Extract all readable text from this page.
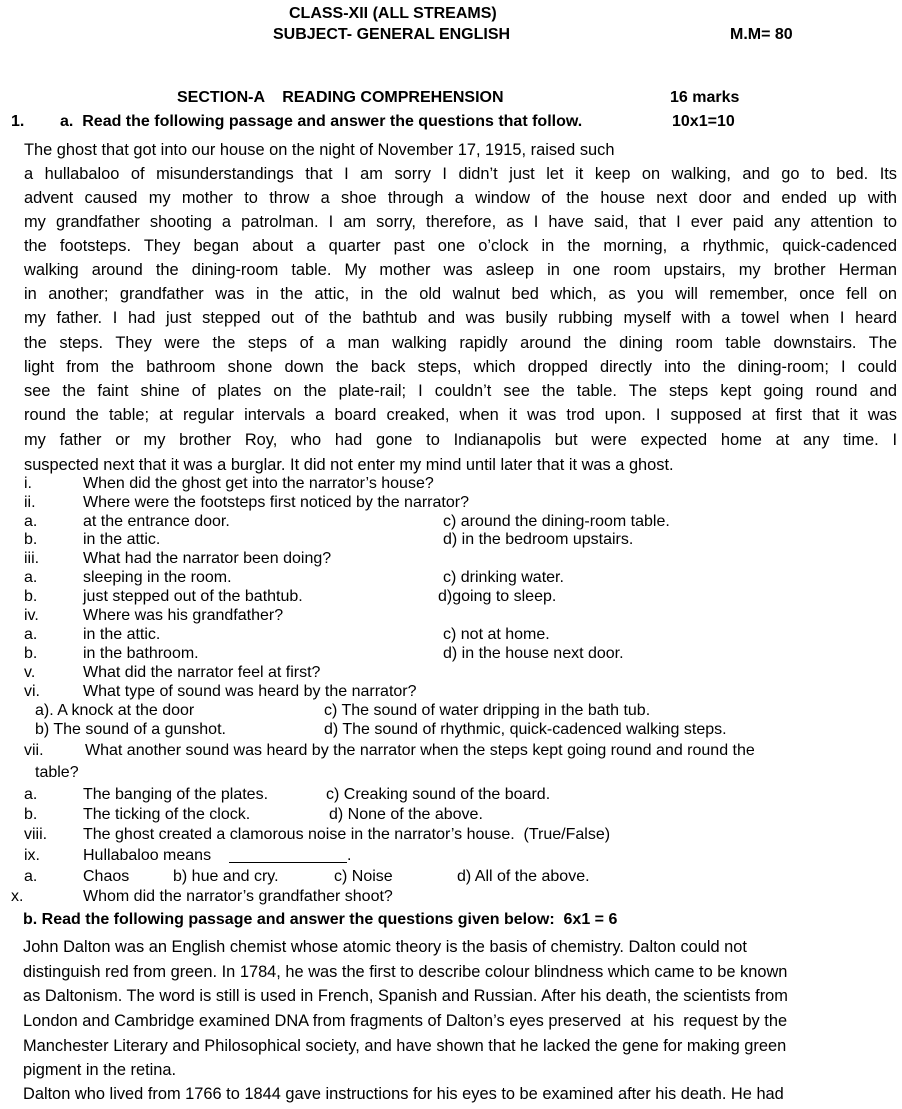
CLASS-XII (ALL STREAMS)
SUBJECT- GENERAL ENGLISH	M.M= 80
SECTION-A    READING COMPREHENSION	16 marks
1. a.  Read the following passage and answer the questions that follow.	10x1=10
The ghost that got into our house on the night of November 17, 1915, raised such
a hullabaloo of misunderstandings that I am sorry I didn’t just let it keep on walking, and go to bed. Its
advent caused my mother to throw a shoe through a window of the house next door and ended up with
my grandfather shooting a patrolman. I am sorry, therefore, as I have said, that I ever paid any attention to
the footsteps. They began about a quarter past one o’clock in the morning, a rhythmic, quick-cadenced
walking around the dining-room table. My mother was asleep in one room upstairs, my brother Herman
in another; grandfather was in the attic, in the old walnut bed which, as you will remember, once fell on
my father. I had just stepped out of the bathtub and was busily rubbing myself with a towel when I heard
the steps. They were the steps of a man walking rapidly around the dining room table downstairs. The
light from the bathroom shone down the back steps, which dropped directly into the dining-room; I could
see the faint shine of plates on the plate-rail; I couldn’t see the table. The steps kept going round and
round the table; at regular intervals a board creaked, when it was trod upon. I supposed at first that it was
my father or my brother Roy, who had gone to Indianapolis but were expected home at any time. I
suspected next that it was a burglar. It did not enter my mind until later that it was a ghost.
i.	When did the ghost get into the narrator’s house?
ii.	Where were the footsteps first noticed by the narrator?
a.	at the entrance door.	c) around the dining-room table.
b.	in the attic.	d) in the bedroom upstairs.
iii.	What had the narrator been doing?
a.	sleeping in the room.	c) drinking water.
b.	just stepped out of the bathtub.	d)going to sleep.
iv.	Where was his grandfather?
a.	in the attic.	c) not at home.
b.	in the bathroom.	d) in the house next door.
v.	What did the narrator feel at first?
vi.	What type of sound was heard by the narrator?
a). A knock at the door	c) The sound of water dripping in the bath tub.
b) The sound of a gunshot.	d) The sound of rhythmic, quick-cadenced walking steps.
vii.	What another sound was heard by the narrator when the steps kept going round and round the
table?
a.	The banging of the plates.	c) Creaking sound of the board.
b.	The ticking of the clock.	d) None of the above.
viii. The ghost created a clamorous noise in the narrator’s house.  (True/False)
ix.	Hullabaloo means	.
a.	Chaos	b) hue and cry.	c) Noise	d) All of the above.
x.	Whom did the narrator’s grandfather shoot?
b. Read the following passage and answer the questions given below:  6x1 = 6
John Dalton was an English chemist whose atomic theory is the basis of chemistry. Dalton could not
distinguish red from green. In 1784, he was the first to describe colour blindness which came to be known
as Daltonism. The word is still is used in French, Spanish and Russian. After his death, the scientists from
London and Cambridge examined DNA from fragments of Dalton’s eyes preserved  at  his  request by the
Manchester Literary and Philosophical society, and have shown that he lacked the gene for making green
pigment in the retina.
Dalton who lived from 1766 to 1844 gave instructions for his eyes to be examined after his death. He had
